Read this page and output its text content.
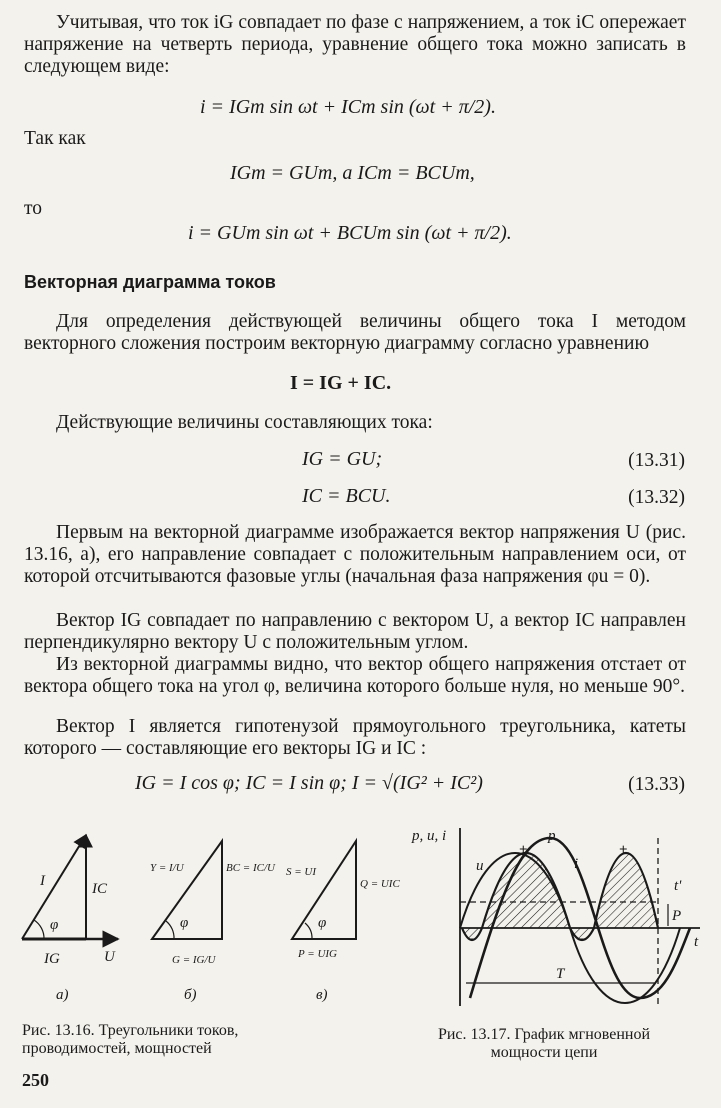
Учитывая, что ток iG совпадает по фазе с напряжением, а ток iC опережает напряжение на четверть периода, уравнение общего тока можно записать в следующем виде:
i = IGm sin ωt + ICm sin (ωt + π/2).
Так как
IGm = GUm, a ICm = BCUm,
то
i = GUm sin ωt + BCUm sin (ωt + π/2).
Векторная диаграмма токов
Для определения действующей величины общего тока I методом векторного сложения построим векторную диаграмму согласно уравнению
I = IG + IC.
Действующие величины составляющих тока:
IG = GU;	(13.31)
IC = BCU.	(13.32)
Первым на векторной диаграмме изображается вектор напряжения U (рис. 13.16, а), его направление совпадает с положительным направлением оси, от которой отсчитываются фазовые углы (начальная фаза напряжения φu = 0).
Вектор IG совпадает по направлению с вектором U, а вектор IC направлен перпендикулярно вектору U с положительным углом.
Из векторной диаграммы видно, что вектор общего напряжения отстает от вектора общего тока на угол φ, величина которого больше нуля, но меньше 90°.
Вектор I является гипотенузой прямоугольного треугольника, катеты которого — составляющие его векторы IG и IC :
IG = I cos φ; IC = I sin φ; I = √(IG² + IC²)	(13.33)
I	IC
φ
IG	U
а)
Y = I/U	BC = IC/U
φ
G = IG/U
б)
S = UI
Q = UIC
φ
P = UIG
в)
p, u, i	p
u	i
t'
P
t
T
+	+
−	−
Рис. 13.16. Треугольники токов, проводимостей, мощностей
Рис. 13.17. График мгновенной мощности цепи
250
